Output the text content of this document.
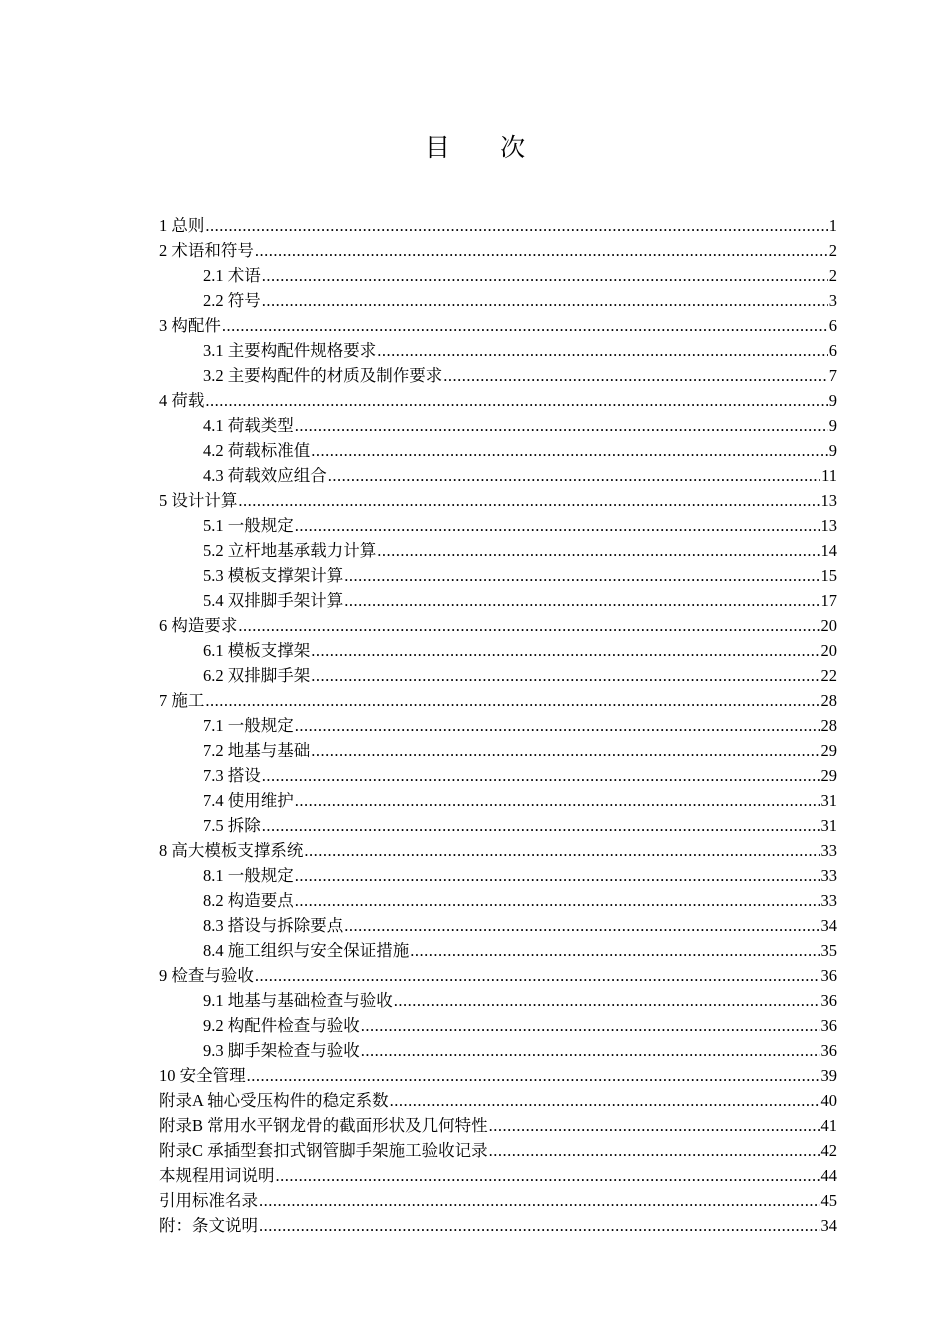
目 次
1 总则 .....	1
2 术语和符号 .....	2
2.1 术语 .....	2
2.2 符号 .....	3
3 构配件 .....	6
3.1 主要构配件规格要求 .....	6
3.2 主要构配件的材质及制作要求 .....	7
4 荷载 .....	9
4.1 荷载类型 .....	9
4.2 荷载标准值 .....	9
4.3 荷载效应组合 .....	11
5 设计计算 .....	13
5.1 一般规定 .....	13
5.2 立杆地基承载力计算 .....	14
5.3 模板支撑架计算 .....	15
5.4 双排脚手架计算 .....	17
6 构造要求 .....	20
6.1 模板支撑架 .....	20
6.2 双排脚手架 .....	22
7 施工 .....	28
7.1 一般规定 .....	28
7.2 地基与基础 .....	29
7.3 搭设 .....	29
7.4 使用维护 .....	31
7.5 拆除 .....	31
8 高大模板支撑系统 .....	33
8.1 一般规定 .....	33
8.2 构造要点 .....	33
8.3 搭设与拆除要点 .....	34
8.4 施工组织与安全保证措施 .....	35
9 检查与验收 .....	36
9.1 地基与基础检查与验收 .....	36
9.2 构配件检查与验收 .....	36
9.3 脚手架检查与验收 .....	36
10 安全管理 .....	39
附录A 轴心受压构件的稳定系数 .....	40
附录B 常用水平钢龙骨的截面形状及几何特性 .....	41
附录C 承插型套扣式钢管脚手架施工验收记录 .....	42
本规程用词说明 .....	44
引用标准名录 .....	45
附：条文说明 .....	34
